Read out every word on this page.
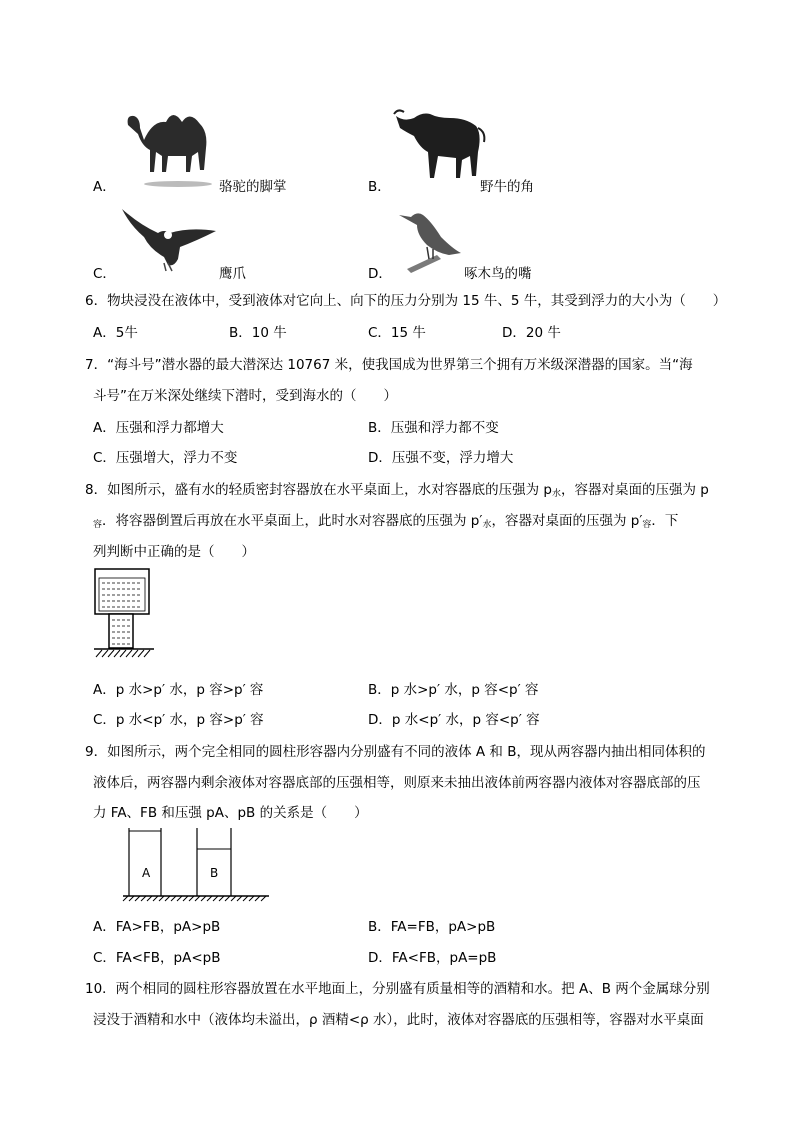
A．	骆驼的脚掌	B．	野牛的角
C．	鹰爪	D．	啄木鸟的嘴
6．物块浸没在液体中，受到液体对它向上、向下的压力分别为 15 牛、5 牛，其受到浮力的大小为（　　）
A．5牛	B．10 牛	C．15 牛	D．20 牛
7．“海斗号”潜水器的最大潜深达 10767 米，使我国成为世界第三个拥有万米级深潜器的国家。当“海
斗号”在万米深处继续下潜时，受到海水的（　　）
A．压强和浮力都增大	B．压强和浮力都不变
C．压强增大，浮力不变	D．压强不变，浮力增大
8．如图所示，盛有水的轻质密封容器放在水平桌面上，水对容器底的压强为 p水，容器对桌面的压强为 p
容．将容器倒置后再放在水平桌面上，此时水对容器底的压强为 p′水，容器对桌面的压强为 p′容．下
列判断中正确的是（　　）
A．p 水>p′ 水，p 容>p′ 容	B．p 水>p′ 水，p 容<p′ 容
C．p 水<p′ 水，p 容>p′ 容	D．p 水<p′ 水，p 容<p′ 容
9．如图所示，两个完全相同的圆柱形容器内分别盛有不同的液体 A 和 B，现从两容器内抽出相同体积的
液体后，两容器内剩余液体对容器底部的压强相等，则原来未抽出液体前两容器内液体对容器底部的压
力 FA、FB 和压强 pA、pB 的关系是（　　）
A	B
A．FA>FB，pA>pB	B．FA=FB，pA>pB
C．FA<FB，pA<pB	D．FA<FB，pA=pB
10．两个相同的圆柱形容器放置在水平地面上，分别盛有质量相等的酒精和水。把 A、B 两个金属球分别
浸没于酒精和水中（液体均未溢出，ρ 酒精<ρ 水），此时，液体对容器底的压强相等，容器对水平桌面
